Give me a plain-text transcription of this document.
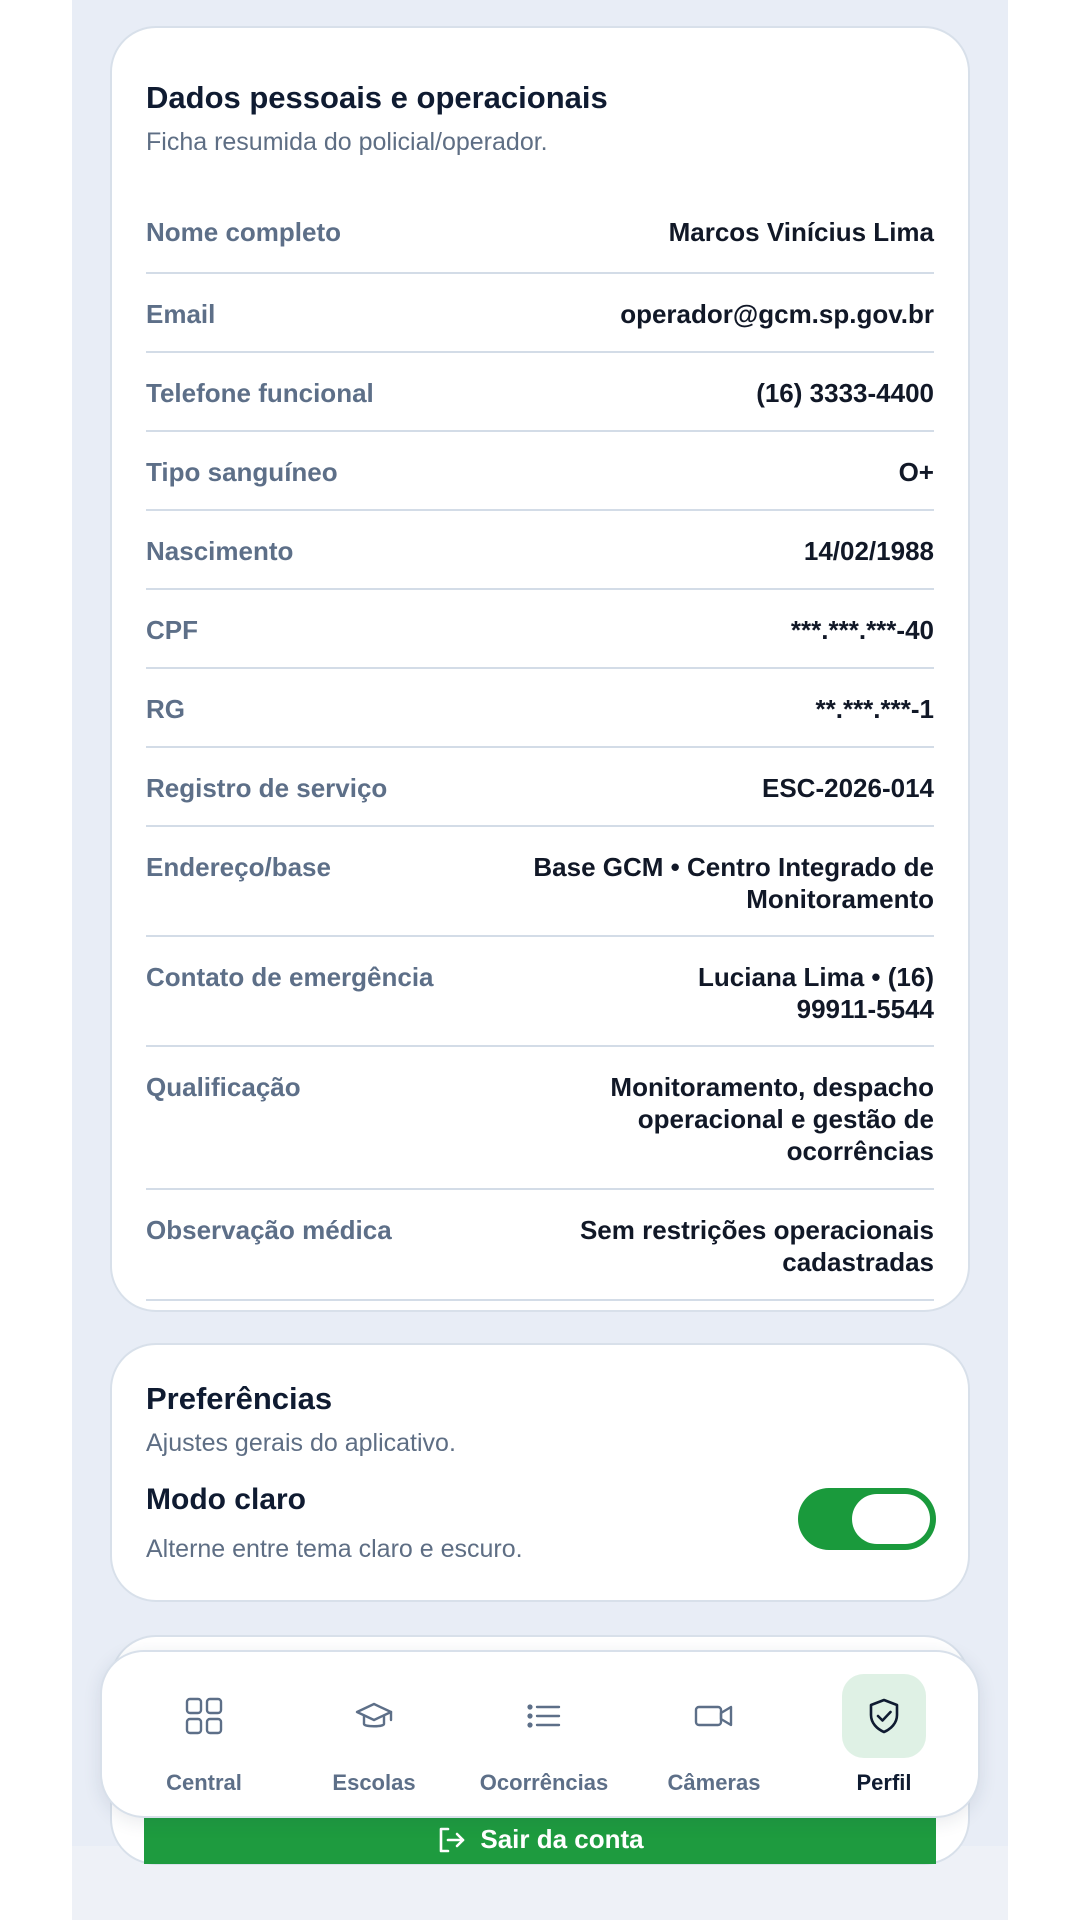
Dados pessoais e operacionais
Ficha resumida do policial/operador.
Nome completo	Marcos Vinícius Lima
Email	operador@gcm.sp.gov.br
Telefone funcional	(16) 3333-4400
Tipo sanguíneo	O+
Nascimento	14/02/1988
CPF	***.***.***-40
RG	**.***.***-1
Registro de serviço	ESC-2026-014
Endereço/base	Base GCM • Centro Integrado de Monitoramento
Contato de emergência	Luciana Lima • (16) 99911-5544
Qualificação	Monitoramento, despacho operacional e gestão de ocorrências
Observação médica	Sem restrições operacionais cadastradas
Preferências
Ajustes gerais do aplicativo.
Modo claro
Alterne entre tema claro e escuro.
Sair da conta
Central	Escolas	Ocorrências	Câmeras	Perfil
